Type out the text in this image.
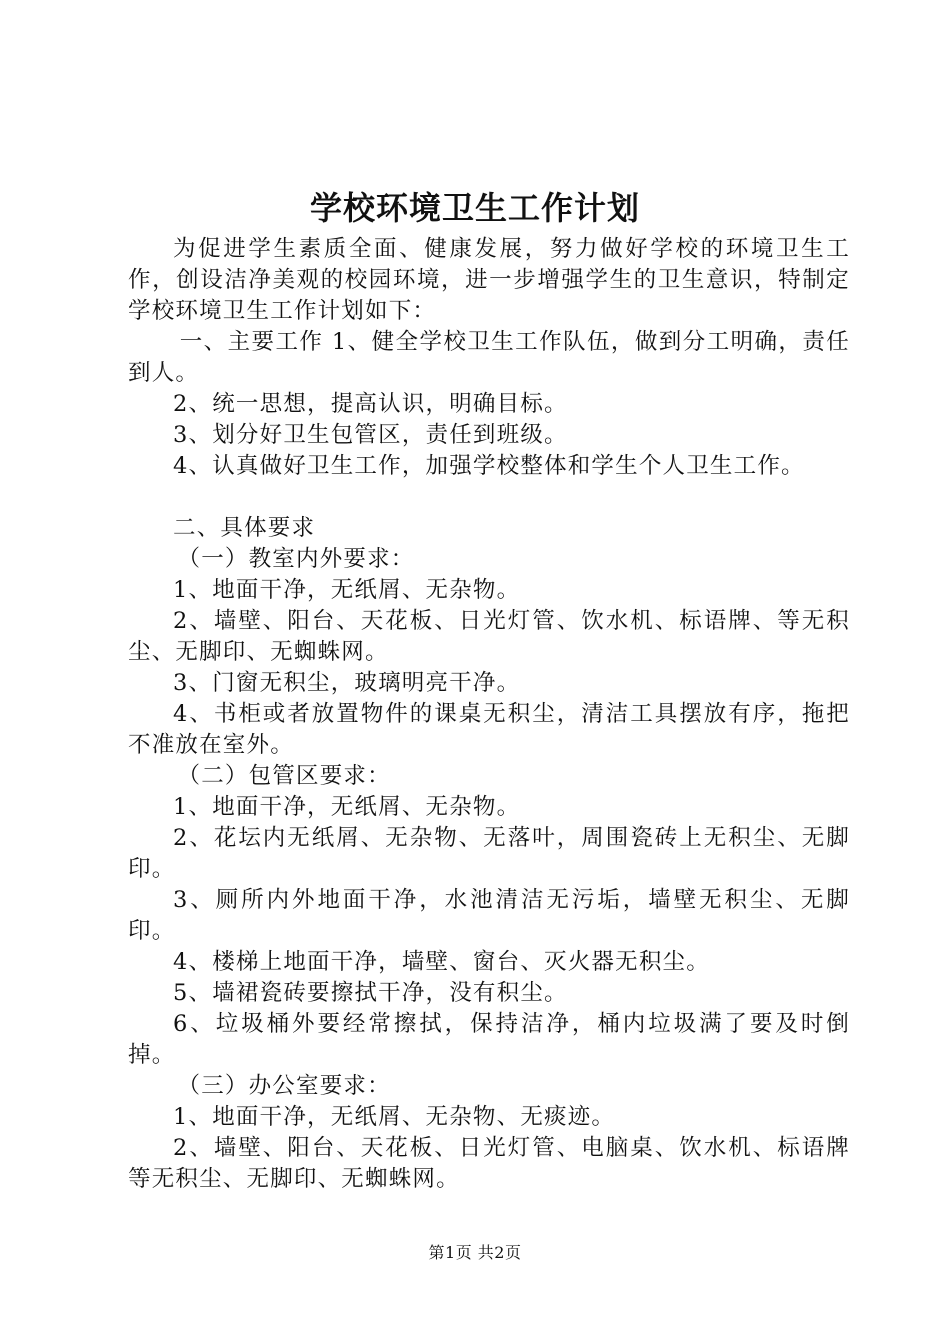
学校环境卫生工作计划

为促进学生素质全面、健康发展，努力做好学校的环境卫生工作，创设洁净美观的校园环境，进一步增强学生的卫生意识，特制定学校环境卫生工作计划如下：

一、主要工作 1、健全学校卫生工作队伍，做到分工明确，责任到人。

2、统一思想，提高认识，明确目标。

3、划分好卫生包管区，责任到班级。

4、认真做好卫生工作，加强学校整体和学生个人卫生工作。

二、具体要求

（一）教室内外要求：

1、地面干净，无纸屑、无杂物。

2、墙壁、阳台、天花板、日光灯管、饮水机、标语牌、等无积尘、无脚印、无蜘蛛网。

3、门窗无积尘，玻璃明亮干净。

4、书柜或者放置物件的课桌无积尘，清洁工具摆放有序，拖把不准放在室外。

（二）包管区要求：

1、地面干净，无纸屑、无杂物。

2、花坛内无纸屑、无杂物、无落叶，周围瓷砖上无积尘、无脚印。

3、厕所内外地面干净，水池清洁无污垢，墙壁无积尘、无脚印。

4、楼梯上地面干净，墙壁、窗台、灭火器无积尘。

5、墙裙瓷砖要擦拭干净，没有积尘。

6、垃圾桶外要经常擦拭，保持洁净，桶内垃圾满了要及时倒掉。

（三）办公室要求：

1、地面干净，无纸屑、无杂物、无痰迹。

2、墙壁、阳台、天花板、日光灯管、电脑桌、饮水机、标语牌等无积尘、无脚印、无蜘蛛网。

第1页 共2页
